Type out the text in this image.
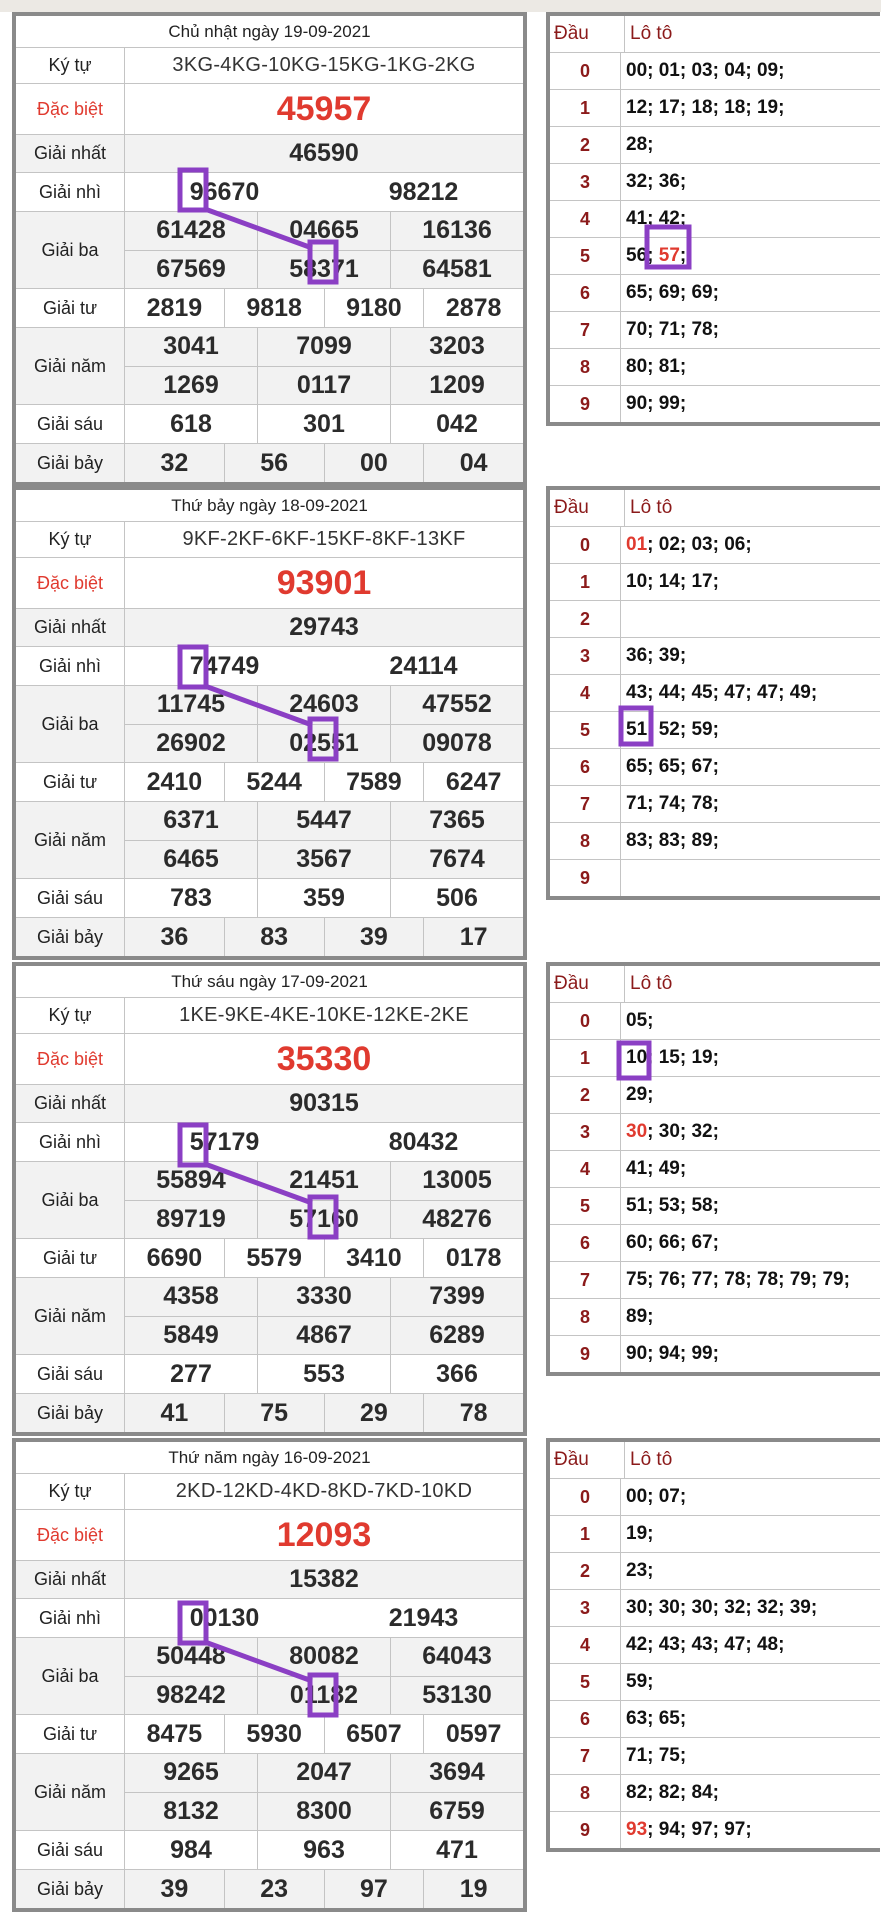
Chủ nhật ngày 19-09-2021
Ký tự	3KG-4KG-10KG-15KG-1KG-2KG
Đặc biệt	45957
Giải nhất	46590
Giải nhì	96670	98212
Giải ba
61428	04665	16136
67569	58371	64581
Giải tư	2819	9818	9180	2878
Giải năm
3041	7099	3203
1269	0117	1209
Giải sáu	618	301	042
Giải bảy	32	56	00	04
Đầu	Lô tô
0	00; 01; 03; 04; 09;
1	12; 17; 18; 18; 19;
2	28;
3	32; 36;
4	41; 42;
5	56; 57 ;
6	65; 69; 69;
7	70; 71; 78;
8	80; 81;
9	90; 99;
Thứ bảy ngày 18-09-2021
Ký tự	9KF-2KF-6KF-15KF-8KF-13KF
Đặc biệt	93901
Giải nhất	29743
Giải nhì	74749	24114
Giải ba
11745	24603	47552
26902	02551	09078
Giải tư	2410	5244	7589	6247
Giải năm
6371	5447	7365
6465	3567	7674
Giải sáu	783	359	506
Giải bảy	36	83	39	17
Đầu	Lô tô
0	01 ; 02; 03; 06;
1	10; 14; 17;
2
3	36; 39;
4	43; 44; 45; 47; 47; 49;
5	51; 52; 59;
6	65; 65; 67;
7	71; 74; 78;
8	83; 83; 89;
9
Thứ sáu ngày 17-09-2021
Ký tự	1KE-9KE-4KE-10KE-12KE-2KE
Đặc biệt	35330
Giải nhất	90315
Giải nhì	57179	80432
Giải ba
55894	21451	13005
89719	57160	48276
Giải tư	6690	5579	3410	0178
Giải năm
4358	3330	7399
5849	4867	6289
Giải sáu	277	553	366
Giải bảy	41	75	29	78
Đầu	Lô tô
0	05;
1	10; 15; 19;
2	29;
3	30 ; 30; 32;
4	41; 49;
5	51; 53; 58;
6	60; 66; 67;
7	75; 76; 77; 78; 78; 79; 79;
8	89;
9	90; 94; 99;
Thứ năm ngày 16-09-2021
Ký tự	2KD-12KD-4KD-8KD-7KD-10KD
Đặc biệt	12093
Giải nhất	15382
Giải nhì	00130	21943
Giải ba
50448	80082	64043
98242	01182	53130
Giải tư	8475	5930	6507	0597
Giải năm
9265	2047	3694
8132	8300	6759
Giải sáu	984	963	471
Giải bảy	39	23	97	19
Đầu	Lô tô
0	00; 07;
1	19;
2	23;
3	30; 30; 30; 32; 32; 39;
4	42; 43; 43; 47; 48;
5	59;
6	63; 65;
7	71; 75;
8	82; 82; 84;
9	93 ; 94; 97; 97;
